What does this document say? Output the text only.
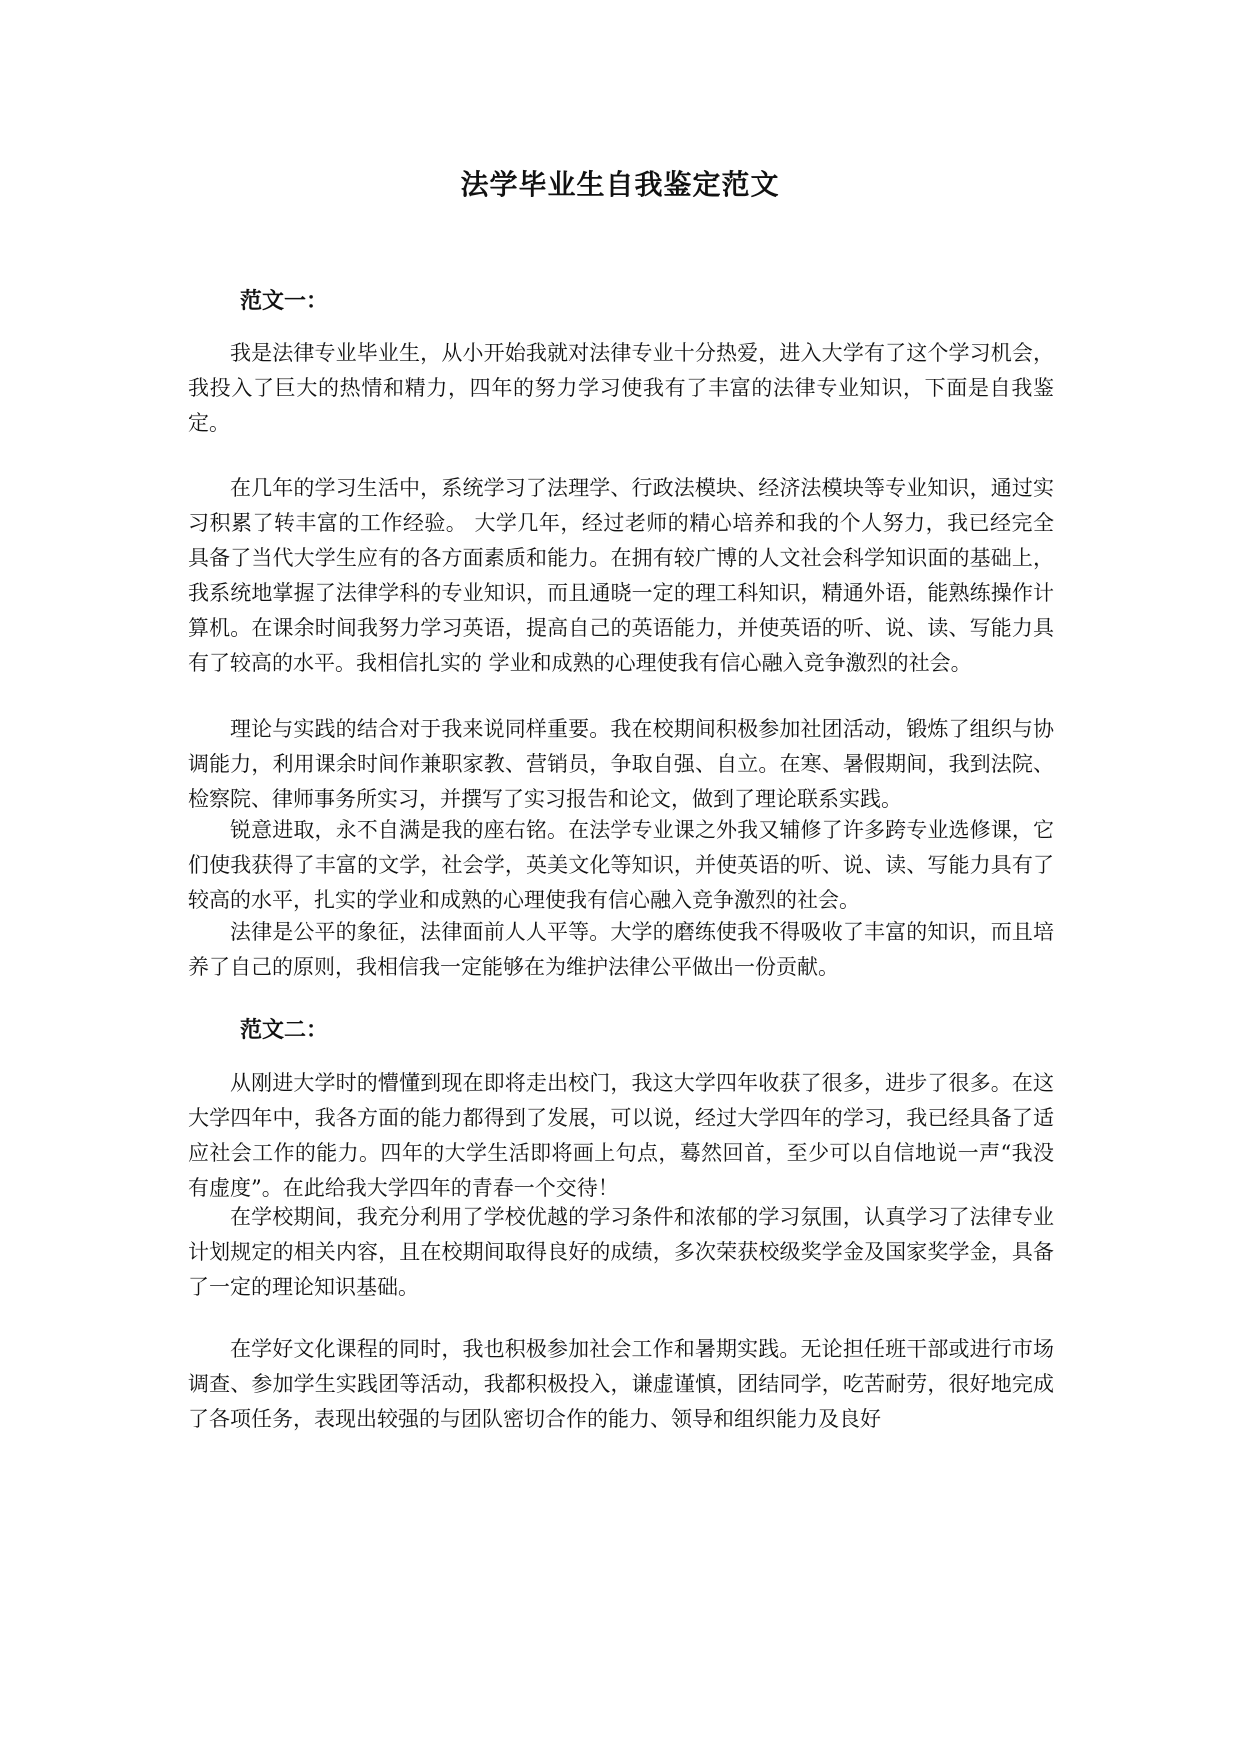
法学毕业生自我鉴定范文
范文一：

我是法律专业毕业生，从小开始我就对法律专业十分热爱，进入大学有了这个学习机会，我投入了巨大的热情和精力，四年的努力学习使我有了丰富的法律专业知识，下面是自我鉴定。

在几年的学习生活中，系统学习了法理学、行政法模块、经济法模块等专业知识，通过实习积累了转丰富的工作经验。 大学几年，经过老师的精心培养和我的个人努力，我已经完全具备了当代大学生应有的各方面素质和能力。在拥有较广博的人文社会科学知识面的基础上，我系统地掌握了法律学科的专业知识，而且通晓一定的理工科知识，精通外语，能熟练操作计算机。在课余时间我努力学习英语，提高自己的英语能力，并使英语的听、说、读、写能力具有了较高的水平。我相信扎实的 学业和成熟的心理使我有信心融入竞争激烈的社会。

理论与实践的结合对于我来说同样重要。我在校期间积极参加社团活动，锻炼了组织与协调能力，利用课余时间作兼职家教、营销员，争取自强、自立。在寒、暑假期间，我到法院、检察院、律师事务所实习，并撰写了实习报告和论文，做到了理论联系实践。

锐意进取，永不自满是我的座右铭。在法学专业课之外我又辅修了许多跨专业选修课，它们使我获得了丰富的文学，社会学，英美文化等知识，并使英语的听、说、读、写能力具有了较高的水平，扎实的学业和成熟的心理使我有信心融入竞争激烈的社会。

法律是公平的象征，法律面前人人平等。大学的磨练使我不得吸收了丰富的知识，而且培养了自己的原则，我相信我一定能够在为维护法律公平做出一份贡献。

范文二：

从刚进大学时的懵懂到现在即将走出校门，我这大学四年收获了很多，进步了很多。在这大学四年中，我各方面的能力都得到了发展，可以说，经过大学四年的学习，我已经具备了适应社会工作的能力。四年的大学生活即将画上句点，蓦然回首，至少可以自信地说一声“我没有虚度”。在此给我大学四年的青春一个交待！

在学校期间，我充分利用了学校优越的学习条件和浓郁的学习氛围，认真学习了法律专业计划规定的相关内容，且在校期间取得良好的成绩，多次荣获校级奖学金及国家奖学金，具备了一定的理论知识基础。

在学好文化课程的同时，我也积极参加社会工作和暑期实践。无论担任班干部或进行市场调查、参加学生实践团等活动，我都积极投入，谦虚谨慎，团结同学，吃苦耐劳，很好地完成了各项任务，表现出较强的与团队密切合作的能力、领导和组织能力及良好
